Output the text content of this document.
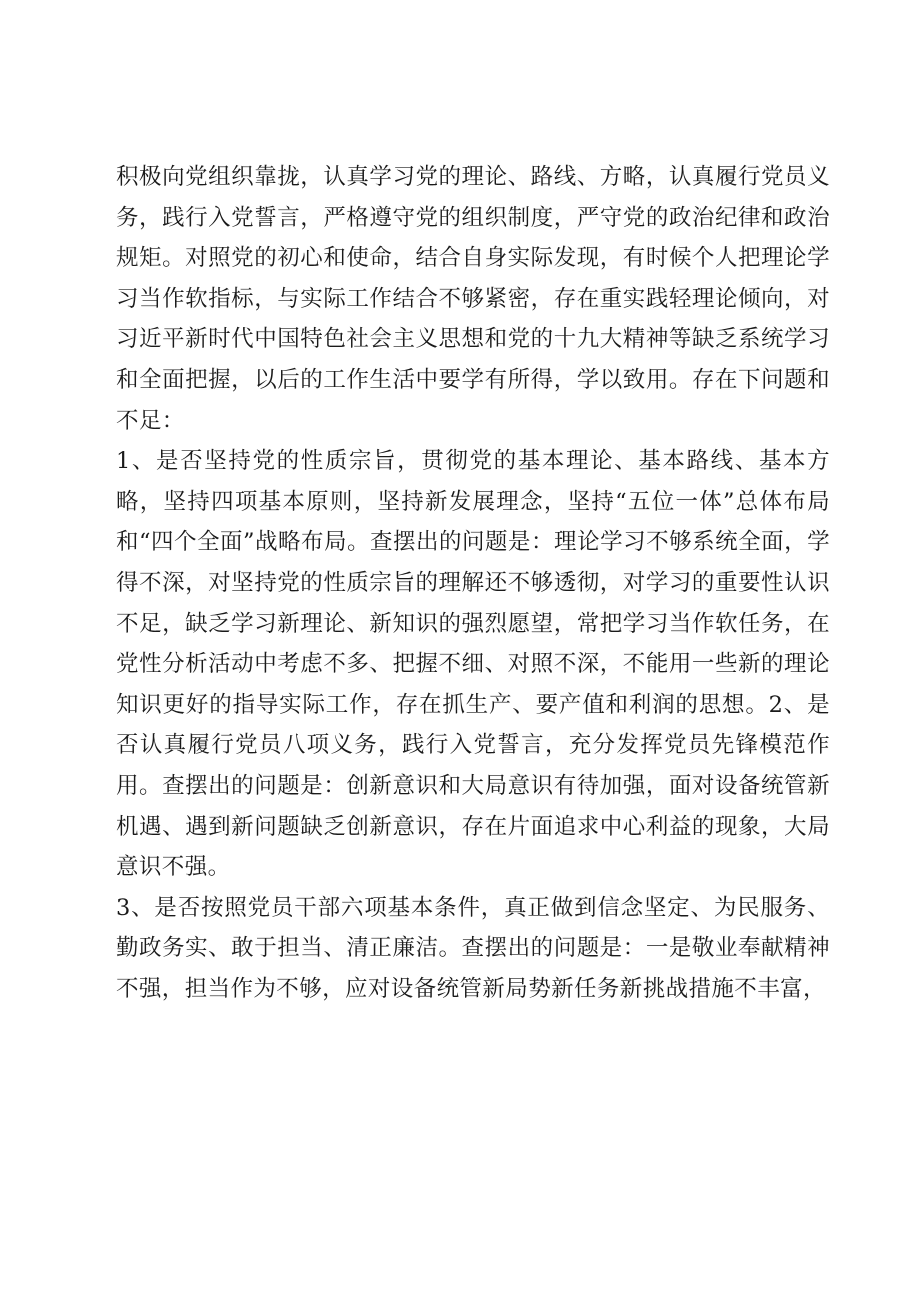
积极向党组织靠拢，认真学习党的理论、路线、方略，认真履行党员义务，践行入党誓言，严格遵守党的组织制度，严守党的政治纪律和政治规矩。对照党的初心和使命，结合自身实际发现，有时候个人把理论学习当作软指标，与实际工作结合不够紧密，存在重实践轻理论倾向，对习近平新时代中国特色社会主义思想和党的十九大精神等缺乏系统学习和全面把握，以后的工作生活中要学有所得，学以致用。存在下问题和不足：

1、是否坚持党的性质宗旨，贯彻党的基本理论、基本路线、基本方略，坚持四项基本原则，坚持新发展理念，坚持“五位一体”总体布局和“四个全面”战略布局。查摆出的问题是：理论学习不够系统全面，学得不深，对坚持党的性质宗旨的理解还不够透彻，对学习的重要性认识不足，缺乏学习新理论、新知识的强烈愿望，常把学习当作软任务，在党性分析活动中考虑不多、把握不细、对照不深，不能用一些新的理论知识更好的指导实际工作，存在抓生产、要产值和利润的思想。2、是否认真履行党员八项义务，践行入党誓言，充分发挥党员先锋模范作用。查摆出的问题是：创新意识和大局意识有待加强，面对设备统管新机遇、遇到新问题缺乏创新意识，存在片面追求中心利益的现象，大局意识不强。

3、是否按照党员干部六项基本条件，真正做到信念坚定、为民服务、勤政务实、敢于担当、清正廉洁。查摆出的问题是：一是敬业奉献精神不强，担当作为不够，应对设备统管新局势新任务新挑战措施不丰富，
